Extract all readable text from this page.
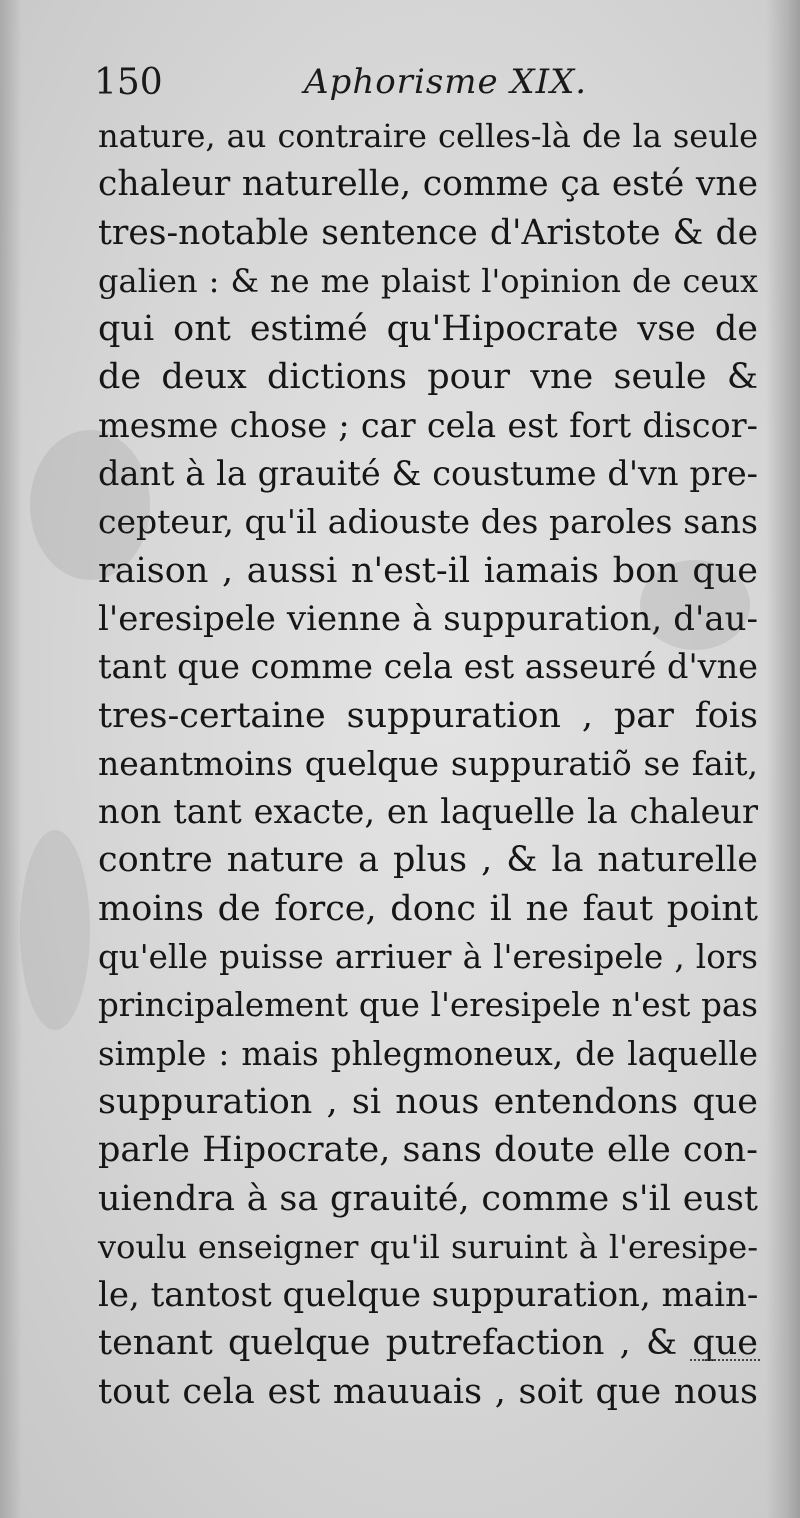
150	Aphorisme XIX.
nature, au contraire celles-là de la seule
chaleur naturelle, comme ça esté vne
tres-notable sentence d'Aristote & de
galien : & ne me plaist l'opinion de ceux
qui ont estimé qu'Hipocrate vse de
de deux dictions pour vne seule &
mesme chose ; car cela est fort discor-
dant à la grauité & coustume d'vn pre-
cepteur, qu'il adiouste des paroles sans
raison , aussi n'est-il iamais bon que
l'eresipele vienne à suppuration, d'au-
tant que comme cela est asseuré d'vne
tres-certaine suppuration , par fois
neantmoins quelque suppuratiõ se fait,
non tant exacte, en laquelle la chaleur
contre nature a plus , & la naturelle
moins de force, donc il ne faut point
qu'elle puisse arriuer à l'eresipele , lors
principalement que l'eresipele n'est pas
simple : mais phlegmoneux, de laquelle
suppuration , si nous entendons que
parle Hipocrate, sans doute elle con-
uiendra à sa grauité, comme s'il eust
voulu enseigner qu'il suruint à l'eresipe-
le, tantost quelque suppuration, main-
tenant quelque putrefaction , & que
tout cela est mauuais , soit que nous
